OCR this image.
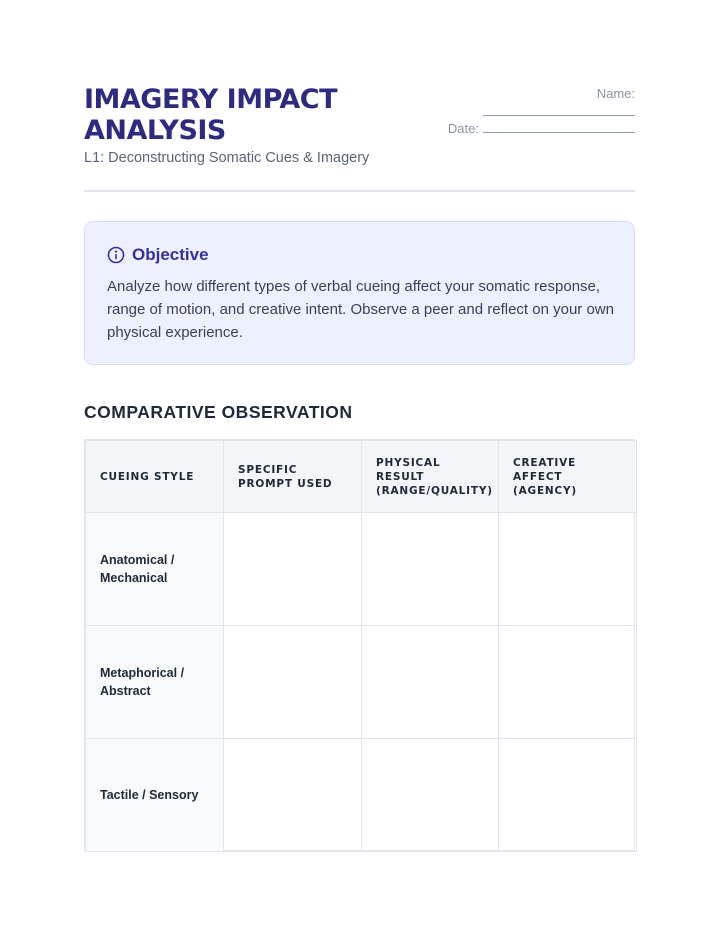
IMAGERY IMPACT
ANALYSIS
L1: Deconstructing Somatic Cues & Imagery
Name:
Date:
Objective
Analyze how different types of verbal cueing affect your somatic response, range of motion, and creative intent. Observe a peer and reflect on your own physical experience.
COMPARATIVE OBSERVATION
CUEING STYLE	SPECIFIC PROMPT USED	PHYSICAL RESULT (RANGE/QUALITY)	CREATIVE AFFECT (AGENCY)
Anatomical / Mechanical			
Metaphorical / Abstract			
Tactile / Sensory			
